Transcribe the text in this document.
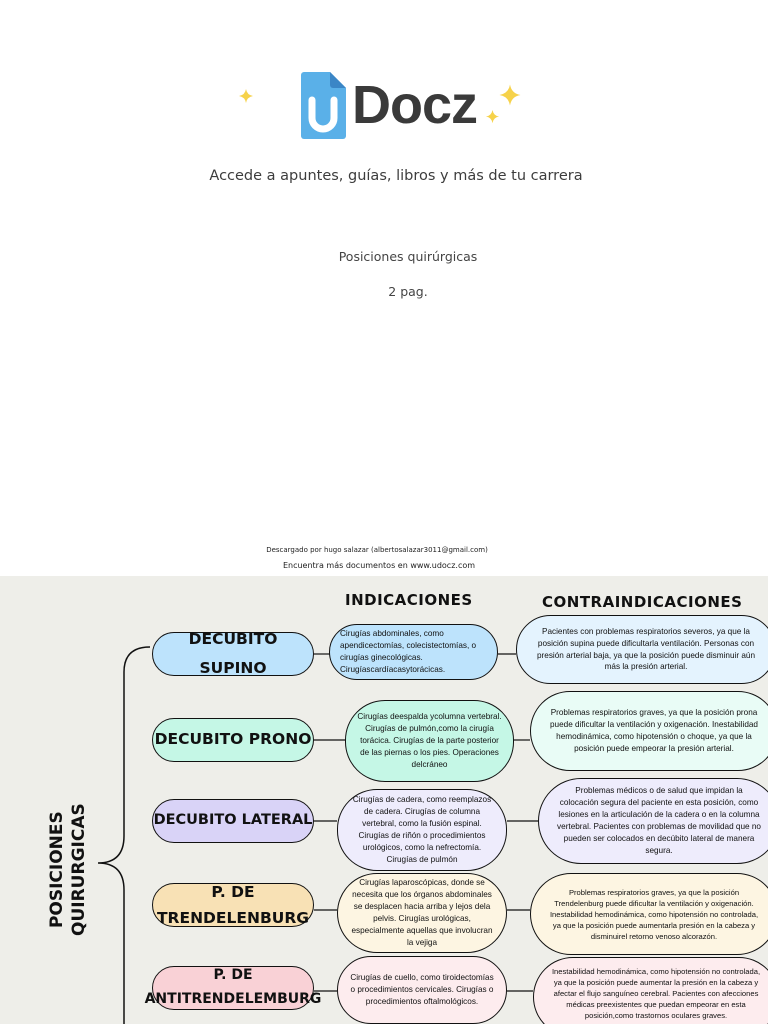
Docz
Accede a apuntes, guías, libros y más de tu carrera
Posiciones quirúrgicas
2 pag.
Descargado por hugo salazar (albertosalazar3011@gmail.com)
Encuentra más documentos en www.udocz.com
INDICACIONES	CONTRAINDICACIONES
POSICIONES QUIRURGICAS
DECUBITO SUPINO
Cirugías abdominales, como apendicectomías, colecistectomías, o cirugías ginecológicas. Cirugíascardíacasytorácicas.
Pacientes con problemas respiratorios severos, ya que la posición supina puede dificultarla ventilación. Personas con presión arterial baja, ya que la posición puede disminuir aún más la presión arterial.
DECUBITO PRONO
Cirugías deespalda ycolumna vertebral. Cirugías de pulmón,como la cirugía torácica. Cirugías de la parte posterior de las piernas o los pies. Operaciones delcráneo
Problemas respiratorios graves, ya que la posición prona puede dificultar la ventilación y oxigenación. Inestabilidad hemodinámica, como hipotensión o choque, ya que la posición puede empeorar la presión arterial.
DECUBITO LATERAL
Cirugías de cadera, como reemplazos de cadera. Cirugías de columna vertebral, como la fusión espinal. Cirugías de riñón o procedimientos urológicos, como la nefrectomía. Cirugías de pulmón
Problemas médicos o de salud que impidan la colocación segura del paciente en esta posición, como lesiones en la articulación de la cadera o en la columna vertebral. Pacientes con problemas de movilidad que no pueden ser colocados en decúbito lateral de manera segura.
P. DE TRENDELENBURG
Cirugías laparoscópicas, donde se necesita que los órganos abdominales se desplacen hacia arriba y lejos dela pelvis. Cirugías urológicas, especialmente aquellas que involucran la vejiga
Problemas respiratorios graves, ya que la posición Trendelenburg puede dificultar la ventilación y oxigenación. Inestabilidad hemodinámica, como hipotensión no controlada, ya que la posición puede aumentarla presión en la cabeza y disminuirel retorno venoso alcorazón.
P. DE ANTITRENDELEMBURG
Cirugías de cuello, como tiroidectomías o procedimientos cervicales. Cirugías o procedimientos oftalmológicos.
Inestabilidad hemodinámica, como hipotensión no controlada, ya que la posición puede aumentar la presión en la cabeza y afectar el flujo sanguíneo cerebral. Pacientes con afecciones médicas preexistentes que puedan empeorar en esta posición,como trastornos oculares graves.
